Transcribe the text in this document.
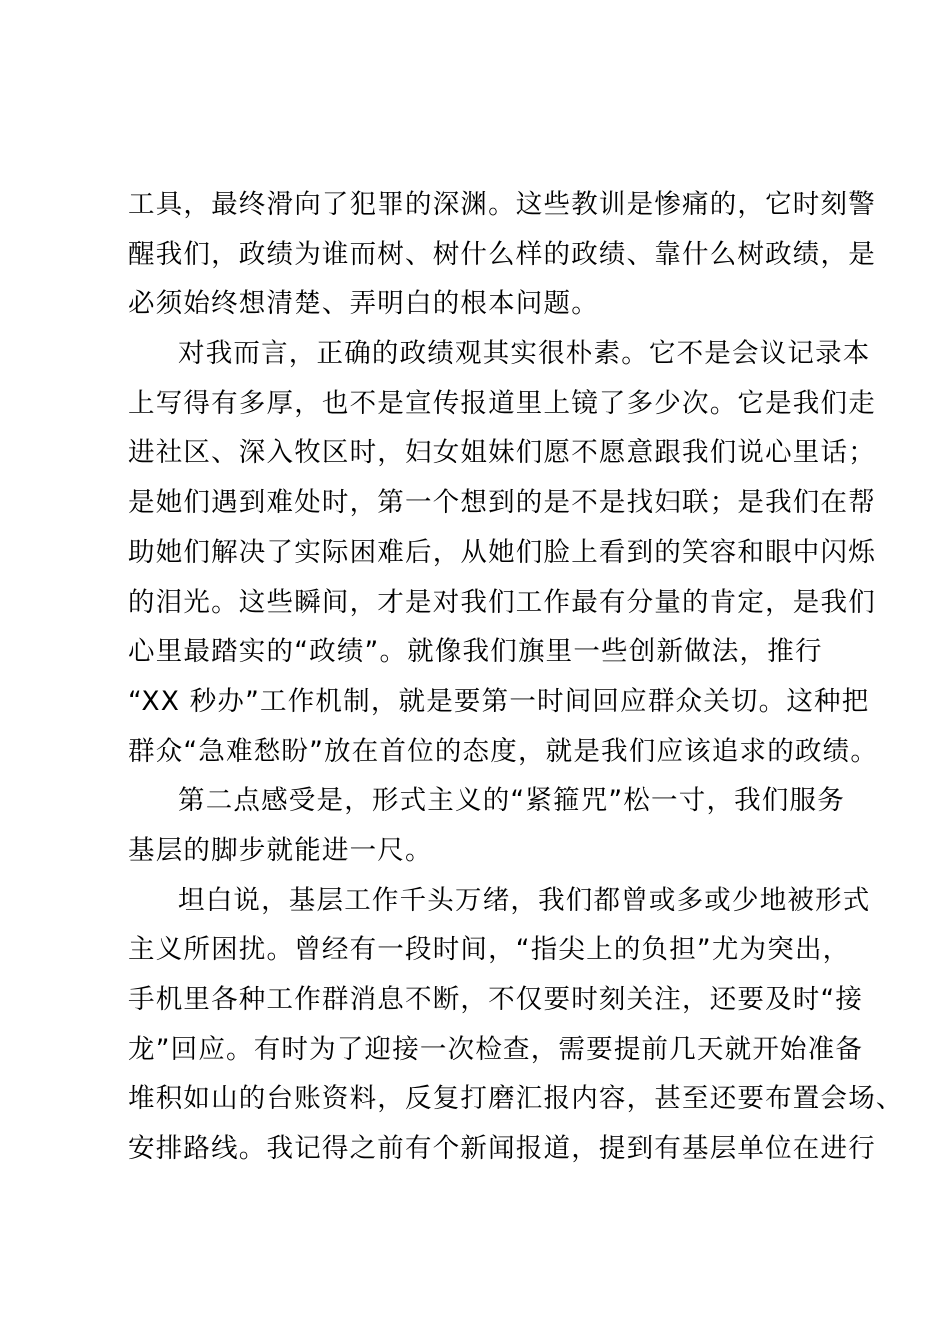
工具，最终滑向了犯罪的深渊。这些教训是惨痛的，它时刻警
醒我们，政绩为谁而树、树什么样的政绩、靠什么树政绩，是
必须始终想清楚、弄明白的根本问题。
对我而言，正确的政绩观其实很朴素。它不是会议记录本
上写得有多厚，也不是宣传报道里上镜了多少次。它是我们走
进社区、深入牧区时，妇女姐妹们愿不愿意跟我们说心里话；
是她们遇到难处时，第一个想到的是不是找妇联；是我们在帮
助她们解决了实际困难后，从她们脸上看到的笑容和眼中闪烁
的泪光。这些瞬间，才是对我们工作最有分量的肯定，是我们
心里最踏实的“政绩”。就像我们旗里一些创新做法，推行
“XX 秒办”工作机制，就是要第一时间回应群众关切。这种把
群众“急难愁盼”放在首位的态度，就是我们应该追求的政绩。
第二点感受是，形式主义的“紧箍咒”松一寸，我们服务
基层的脚步就能进一尺。
坦白说，基层工作千头万绪，我们都曾或多或少地被形式
主义所困扰。曾经有一段时间，“指尖上的负担”尤为突出，
手机里各种工作群消息不断，不仅要时刻关注，还要及时“接
龙”回应。有时为了迎接一次检查，需要提前几天就开始准备
堆积如山的台账资料，反复打磨汇报内容，甚至还要布置会场、
安排路线。我记得之前有个新闻报道，提到有基层单位在进行
